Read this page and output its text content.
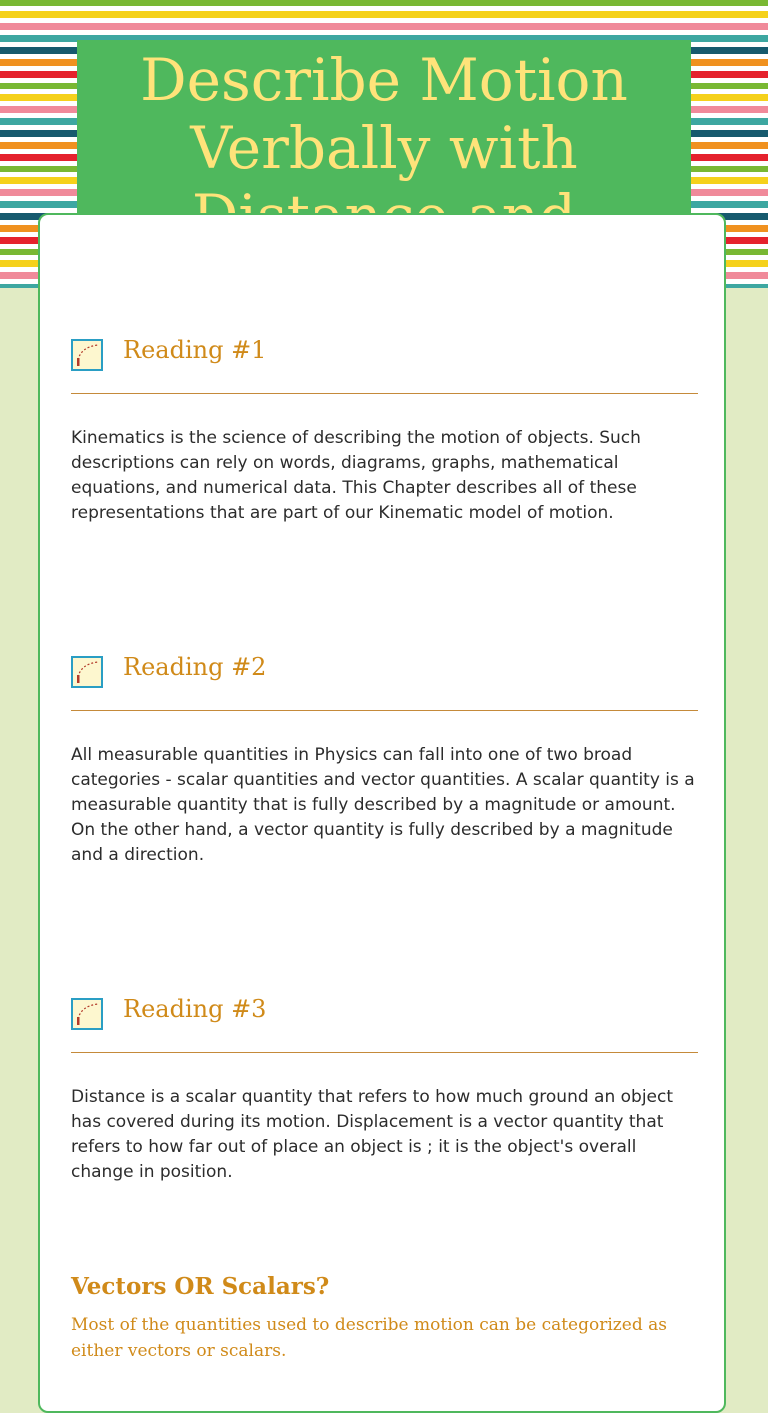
Describe Motion Verbally with
Reading #1
Kinematics is the science of describing the motion of objects. Such descriptions can rely on words, diagrams, graphs, mathematical equations, and numerical data. This Chapter describes all of these representations that are part of our Kinematic model of motion.
Reading #2
All measurable quantities in Physics can fall into one of two broad categories - scalar quantities and vector quantities. A scalar quantity is a measurable quantity that is fully described by a magnitude or amount. On the other hand, a vector quantity is fully described by a magnitude and a direction.
Reading #3
Distance is a scalar quantity that refers to how much ground an object has covered during its motion. Displacement is a vector quantity that refers to how far out of place an object is ; it is the object's overall change in position.
Vectors OR Scalars?
Most of the quantities used to describe motion can be categorized as either vectors or scalars.
